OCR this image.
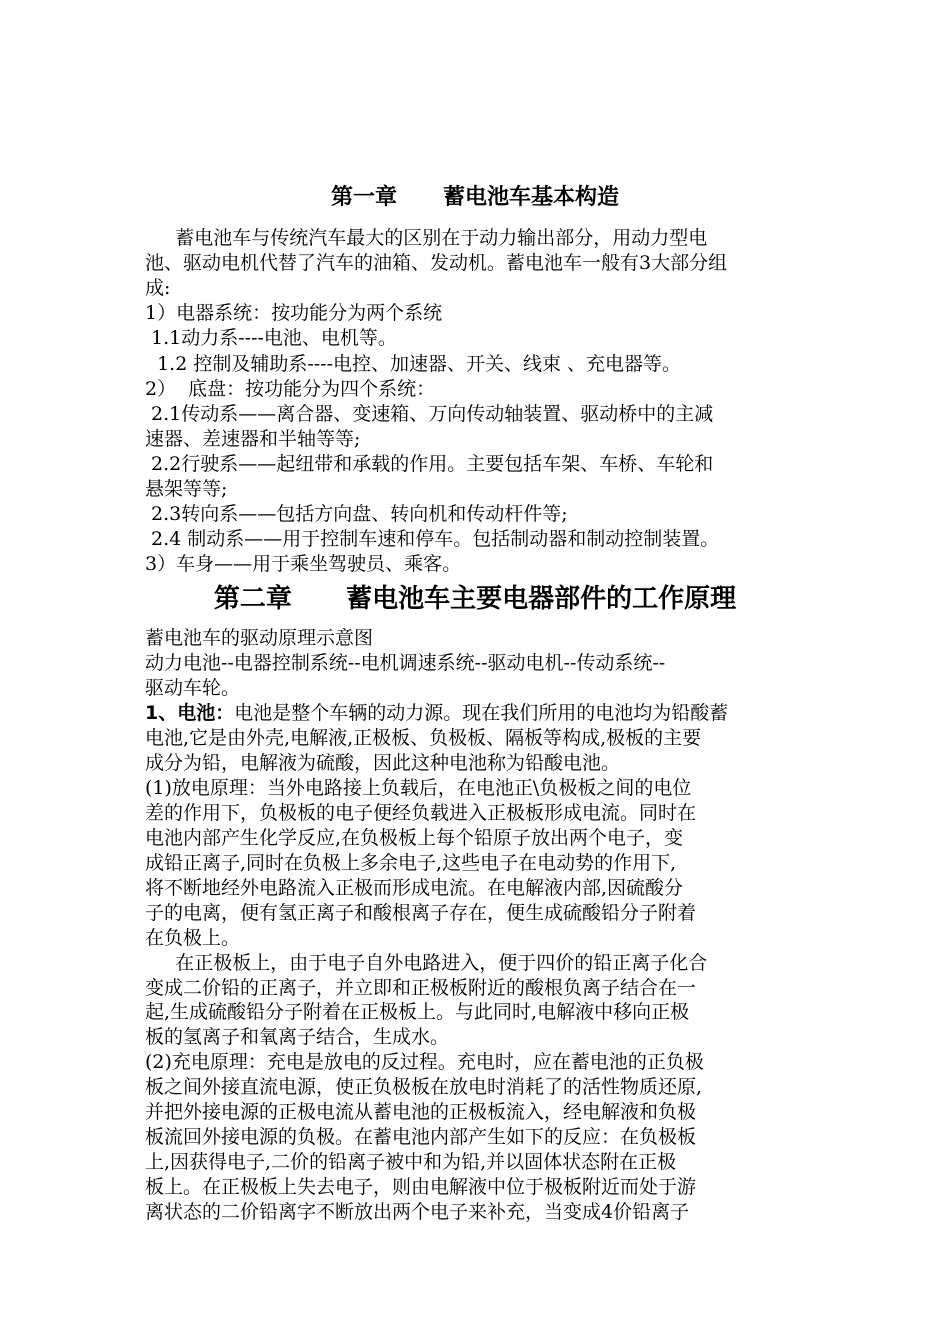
第一章      蓄电池车基本构造
蓄电池车与传统汽车最大的区别在于动力输出部分，用动力型电
池、驱动电机代替了汽车的油箱、发动机。蓄电池车一般有3大部分组
成:
1）电器系统：按功能分为两个系统
1.1动力系----电池、电机等。
1.2 控制及辅助系----电控、加速器、开关、线束 、充电器等。
2）  底盘：按功能分为四个系统：
2.1传动系——离合器、变速箱、万向传动轴装置、驱动桥中的主减
速器、差速器和半轴等等;
2.2行驶系——起纽带和承载的作用。主要包括车架、车桥、车轮和
悬架等等;
2.3转向系——包括方向盘、转向机和传动杆件等;
2.4 制动系——用于控制车速和停车。包括制动器和制动控制装置。
3）车身——用于乘坐驾驶员、乘客。
第二章      蓄电池车主要电器部件的工作原理
蓄电池车的驱动原理示意图
动力电池--电器控制系统--电机调速系统--驱动电机--传动系统--
驱动车轮。
1、电池：电池是整个车辆的动力源。现在我们所用的电池均为铅酸蓄
电池,它是由外壳,电解液,正极板、负极板、隔板等构成,极板的主要
成分为铅，电解液为硫酸，因此这种电池称为铅酸电池。
(1)放电原理：当外电路接上负载后，在电池正\负极板之间的电位
差的作用下，负极板的电子便经负载进入正极板形成电流。同时在
电池内部产生化学反应,在负极板上每个铅原子放出两个电子，变
成铅正离子,同时在负极上多余电子,这些电子在电动势的作用下,
将不断地经外电路流入正极而形成电流。在电解液内部,因硫酸分
子的电离，便有氢正离子和酸根离子存在，便生成硫酸铅分子附着
在负极上。
在正极板上，由于电子自外电路进入，便于四价的铅正离子化合
变成二价铅的正离子，并立即和正极板附近的酸根负离子结合在一
起,生成硫酸铅分子附着在正极板上。与此同时,电解液中移向正极
板的氢离子和氧离子结合，生成水。
(2)充电原理：充电是放电的反过程。充电时，应在蓄电池的正负极
板之间外接直流电源，使正负极板在放电时消耗了的活性物质还原,
并把外接电源的正极电流从蓄电池的正极板流入，经电解液和负极
板流回外接电源的负极。在蓄电池内部产生如下的反应：在负极板
上,因获得电子,二价的铅离子被中和为铅,并以固体状态附在正极
板上。在正极板上失去电子，则由电解液中位于极板附近而处于游
离状态的二价铅离字不断放出两个电子来补充，当变成4价铅离子
